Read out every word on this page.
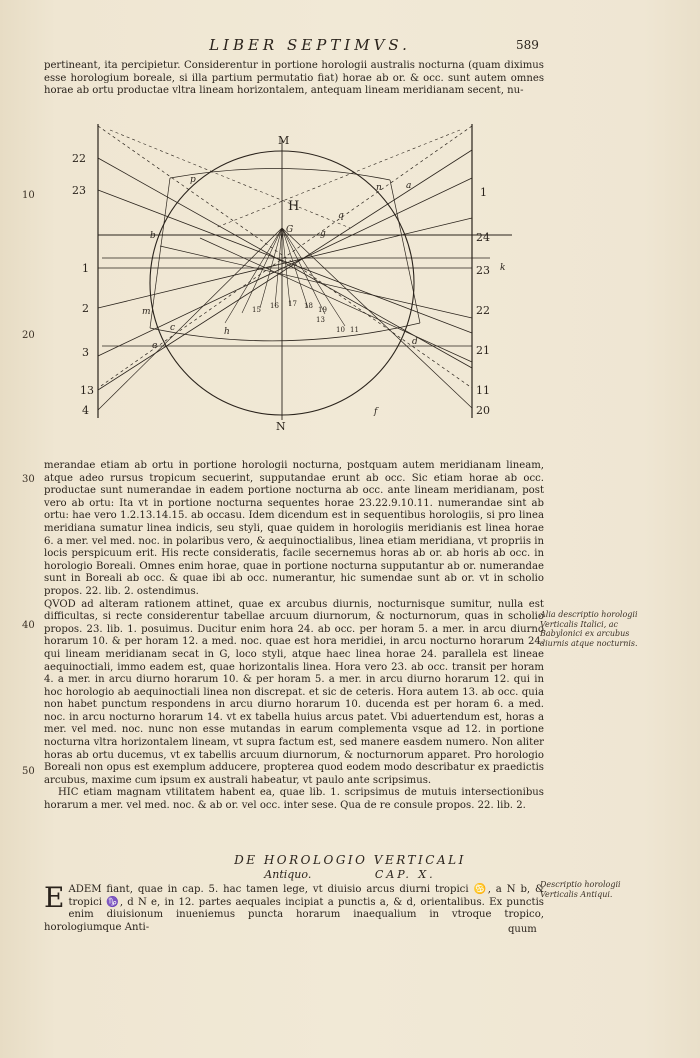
LIBER SEPTIMVS.	589

pertineant, ita percipietur. Considerentur in portione horologii australis nocturna (quam diximus esse horologium boreale, si illa partium permutatio fiat) horae ab or. & occ. sunt autem omnes horae ab ortu productae vltra lineam horizontalem, antequam lineam meridianam secent, nu-

10
20
M
N
H
22
23
1
2
3
13
4
1
24
23
22
21
11
20
p
n
q
b
G
m
e
h
g
d
f
a
c
k
15 16 17 18 19
13
10 11
30
40
50

merandae etiam ab ortu in portione horologii nocturna, postquam autem meridianam lineam, atque adeo rursus tropicum secuerint, supputandae erunt ab occ. Sic etiam horae ab occ. productae sunt numerandae in eadem portione nocturna ab occ. ante lineam meridianam, post vero ab ortu: Ita vt in portione nocturna sequentes horae 23.22.9.10.11. numerandae sint ab ortu: hae vero 1.2.13.14.15. ab occasu. Idem dicendum est in sequentibus horologiis, si pro linea meridiana sumatur linea indicis, seu styli, quae quidem in horologiis meridianis est linea horae 6. a mer. vel med. noc. in polaribus vero, & aequinoctialibus, linea etiam meridiana, vt propriis in locis perspicuum erit. His recte consideratis, facile secernemus horas ab or. ab horis ab occ. in horologio Boreali. Omnes enim horae, quae in portione nocturna supputantur ab or. numerandae sunt in Boreali ab occ. & quae ibi ab occ. numerantur, hic sumendae sunt ab or. vt in scholio propos. 22. lib. 2. ostendimus.

QVOD ad alteram rationem attinet, quae ex arcubus diurnis, nocturnisque sumitur, nulla est difficultas, si recte considerentur tabellae arcuum diurnorum, & nocturnorum, quas in scholio propos. 23. lib. 1. posuimus. Ducitur enim hora 24. ab occ. per horam 5. a mer. in arcu diurno horarum 10. & per horam 12. a med. noc. quae est hora meridiei, in arcu nocturno horarum 24. qui lineam meridianam secat in G, loco styli, atque haec linea horae 24. parallela est lineae aequinoctiali, immo eadem est, quae horizontalis linea. Hora vero 23. ab occ. transit per horam 4. a mer. in arcu diurno horarum 10. & per horam 5. a mer. in arcu diurno horarum 12. qui in hoc horologio ab aequinoctiali linea non discrepat. et sic de ceteris. Hora autem 13. ab occ. quia non habet punctum respondens in arcu diurno horarum 10. ducenda est per horam 6. a med. noc. in arcu nocturno horarum 14. vt ex tabella huius arcus patet. Vbi aduertendum est, horas a mer. vel med. noc. nunc non esse mutandas in earum complementa vsque ad 12. in portione nocturna vltra horizontalem lineam, vt supra factum est, sed manere easdem numero. Non aliter horas ab ortu ducemus, vt ex tabellis arcuum diurnorum, & nocturnorum apparet. Pro horologio Boreali non opus est exemplum adducere, propterea quod eodem modo describatur ex praedictis arcubus, maxime cum ipsum ex australi habeatur, vt paulo ante scripsimus.

HIC etiam magnam vtilitatem habent ea, quae lib. 1. scripsimus de mutuis intersectionibus horarum a mer. vel med. noc. & ab or. vel occ. inter sese. Qua de re consule propos. 22. lib. 2.

Alia descriptio horologii Verticalis Italici, ac Babylonici ex arcubus diurnis atque nocturnis.
DE HOROLOGIO VERTICALI
Antiquo.	CAP. X.
Descriptio horologii Verticalis Antiqui.

E ADEM fiant, quae in cap. 5. hac tamen lege, vt diuisio arcus diurni tropici ♋, a N b, & tropici ♑, d N e, in 12. partes aequales incipiat a punctis a, & d, orientalibus. Ex punctis enim diuisionum inueniemus puncta horarum inaequalium in vtroque tropico, horologiumque Anti-	quum
